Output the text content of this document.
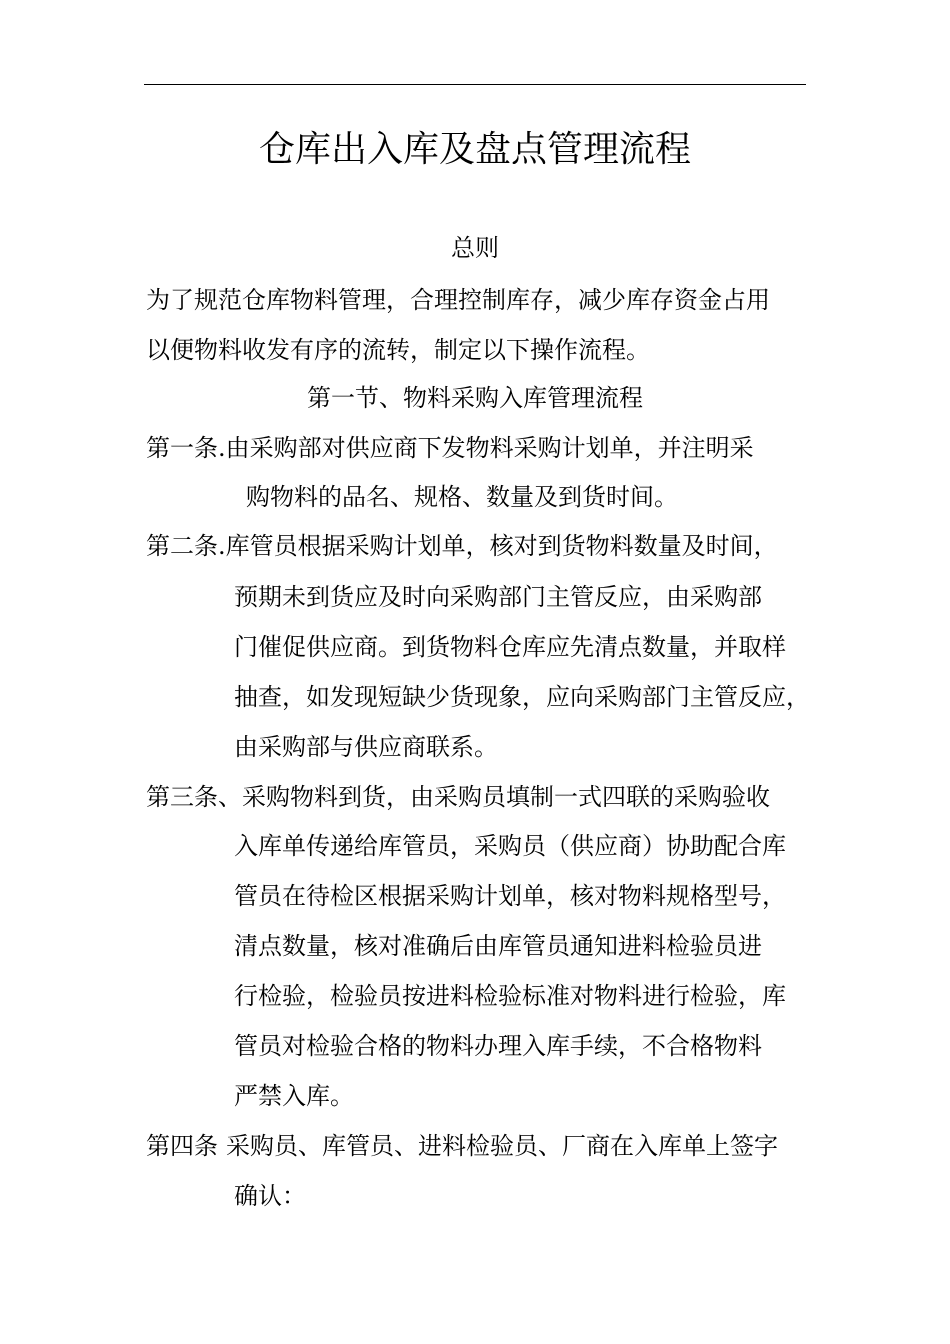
仓库出入库及盘点管理流程
总则
为了规范仓库物料管理，合理控制库存，减少库存资金占用
以便物料收发有序的流转，制定以下操作流程。
第一节、物料采购入库管理流程
第一条.由采购部对供应商下发物料采购计划单，并注明采
购物料的品名、规格、数量及到货时间。
第二条.库管员根据采购计划单，核对到货物料数量及时间，
预期未到货应及时向采购部门主管反应，由采购部
门催促供应商。到货物料仓库应先清点数量，并取样
抽查，如发现短缺少货现象，应向采购部门主管反应，
由采购部与供应商联系。
第三条、采购物料到货，由采购员填制一式四联的采购验收
入库单传递给库管员，采购员（供应商）协助配合库
管员在待检区根据采购计划单，核对物料规格型号，
清点数量，核对准确后由库管员通知进料检验员进
行检验，检验员按进料检验标准对物料进行检验，库
管员对检验合格的物料办理入库手续，不合格物料
严禁入库。
第四条 采购员、库管员、进料检验员、厂商在入库单上签字
确认：
